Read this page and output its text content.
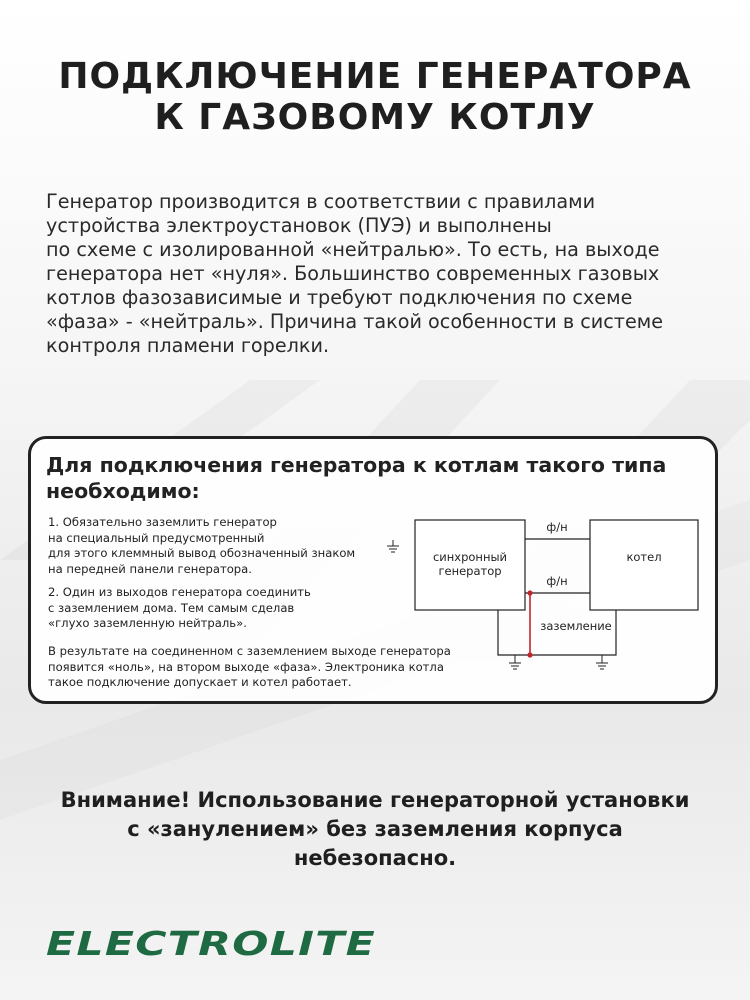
ПОДКЛЮЧЕНИЕ ГЕНЕРАТОРА
К ГАЗОВОМУ КОТЛУ
Генератор производится в соответствии с правилами
устройства электроустановок (ПУЭ) и выполнены
по схеме с изолированной «нейтралью». То есть, на выходе
генератора нет «нуля». Большинство современных газовых
котлов фазозависимые и требуют подключения по схеме
«фаза» - «нейтраль». Причина такой особенности в системе
контроля пламени горелки.
Для подключения генератора к котлам такого типа
необходимо:
1. Обязательно заземлить генератор
на специальный предусмотренный
для этого клеммный вывод обозначенный знаком
на передней панели генератора.
2. Один из выходов генератора соединить
с заземлением дома. Тем самым сделав
«глухо заземленную нейтраль».
В результате на соединенном с заземлением выходе генератора
появится «ноль», на втором выходе «фаза». Электроника котла
такое подключение допускает и котел работает.
синхронный
генератор
котел
ф/н
ф/н
заземление
Внимание! Использование генераторной установки
с «занулением» без заземления корпуса
небезопасно.
ELECTROLITE
